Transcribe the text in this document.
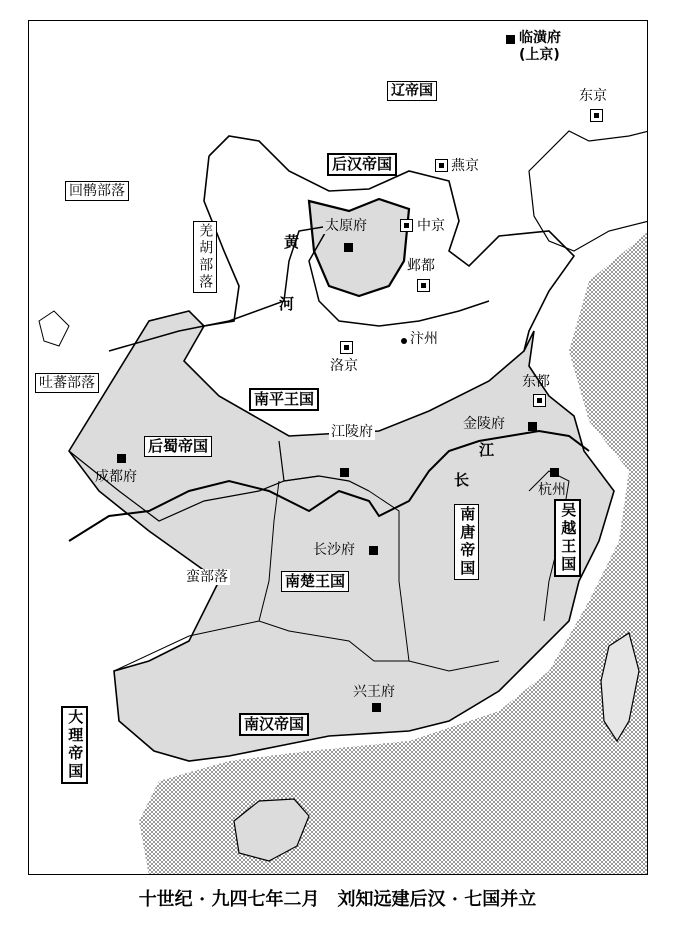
辽帝国
后汉帝国
南平王国
后蜀帝国
南唐帝国	吴越王国
南楚王国
南汉帝国
大理帝国
回鹘部落
羌胡部落
吐蕃部落
蛮部落
黄
河
长
江
临潢府
(上京)
东京
燕京
太原府	中京
邺都
洛京
汴州
东都
金陵府
江陵府
成都府
杭州
长沙府
兴王府
十世纪 · 九四七年二月　刘知远建后汉 · 七国并立
